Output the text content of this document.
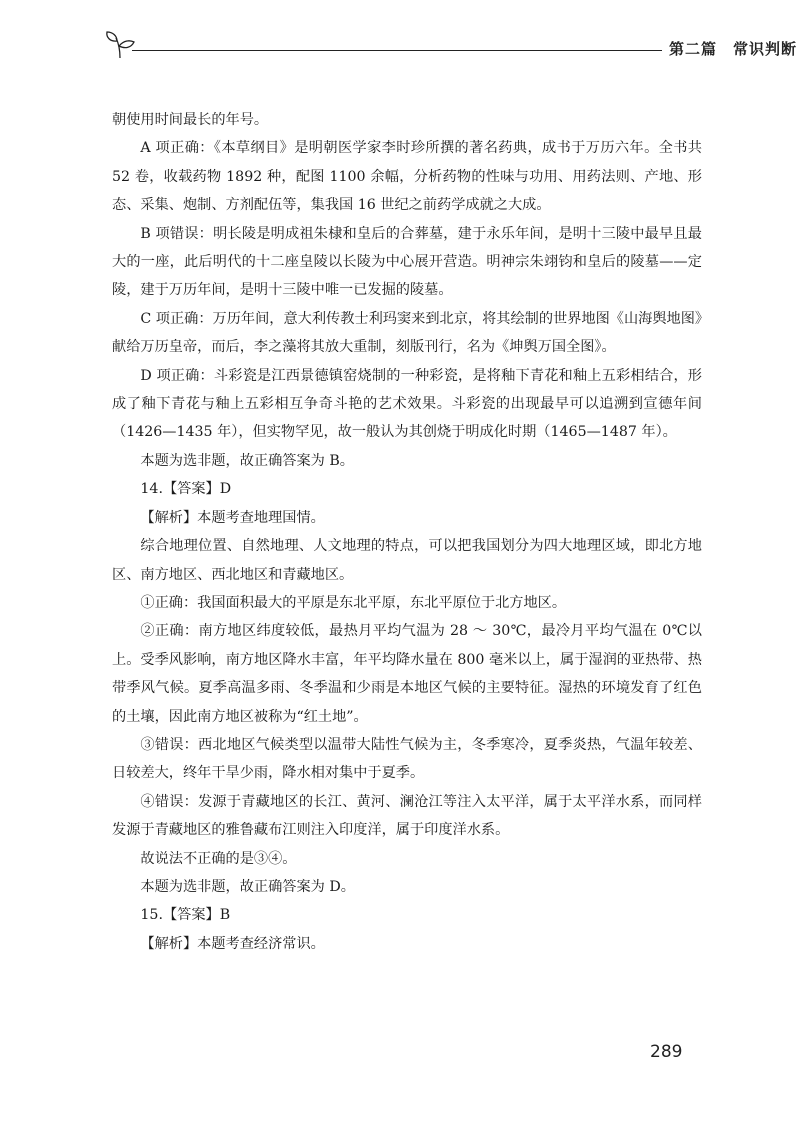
第二篇　常识判断

朝使用时间最长的年号。

A 项正确：《本草纲目》是明朝医学家李时珍所撰的著名药典，成书于万历六年。全书共 52 卷，收载药物 1892 种，配图 1100 余幅，分析药物的性味与功用、用药法则、产地、形态、采集、炮制、方剂配伍等，集我国 16 世纪之前药学成就之大成。

B 项错误：明长陵是明成祖朱棣和皇后的合葬墓，建于永乐年间，是明十三陵中最早且最大的一座，此后明代的十二座皇陵以长陵为中心展开营造。明神宗朱翊钧和皇后的陵墓——定陵，建于万历年间，是明十三陵中唯一已发掘的陵墓。

C 项正确：万历年间，意大利传教士利玛窦来到北京，将其绘制的世界地图《山海舆地图》献给万历皇帝，而后，李之藻将其放大重制，刻版刊行，名为《坤舆万国全图》。

D 项正确：斗彩瓷是江西景德镇窑烧制的一种彩瓷，是将釉下青花和釉上五彩相结合，形成了釉下青花与釉上五彩相互争奇斗艳的艺术效果。斗彩瓷的出现最早可以追溯到宣德年间（1426—1435 年），但实物罕见，故一般认为其创烧于明成化时期（1465—1487 年）。

本题为选非题，故正确答案为 B。

14.【答案】D

【解析】本题考查地理国情。

综合地理位置、自然地理、人文地理的特点，可以把我国划分为四大地理区域，即北方地区、南方地区、西北地区和青藏地区。

①正确：我国面积最大的平原是东北平原，东北平原位于北方地区。

②正确：南方地区纬度较低，最热月平均气温为 28 ～ 30℃，最冷月平均气温在 0℃以上。受季风影响，南方地区降水丰富，年平均降水量在 800 毫米以上，属于湿润的亚热带、热带季风气候。夏季高温多雨、冬季温和少雨是本地区气候的主要特征。湿热的环境发育了红色的土壤，因此南方地区被称为“红土地”。

③错误：西北地区气候类型以温带大陆性气候为主，冬季寒冷，夏季炎热，气温年较差、日较差大，终年干旱少雨，降水相对集中于夏季。

④错误：发源于青藏地区的长江、黄河、澜沧江等注入太平洋，属于太平洋水系，而同样发源于青藏地区的雅鲁藏布江则注入印度洋，属于印度洋水系。

故说法不正确的是③④。

本题为选非题，故正确答案为 D。

15.【答案】B

【解析】本题考查经济常识。

289
